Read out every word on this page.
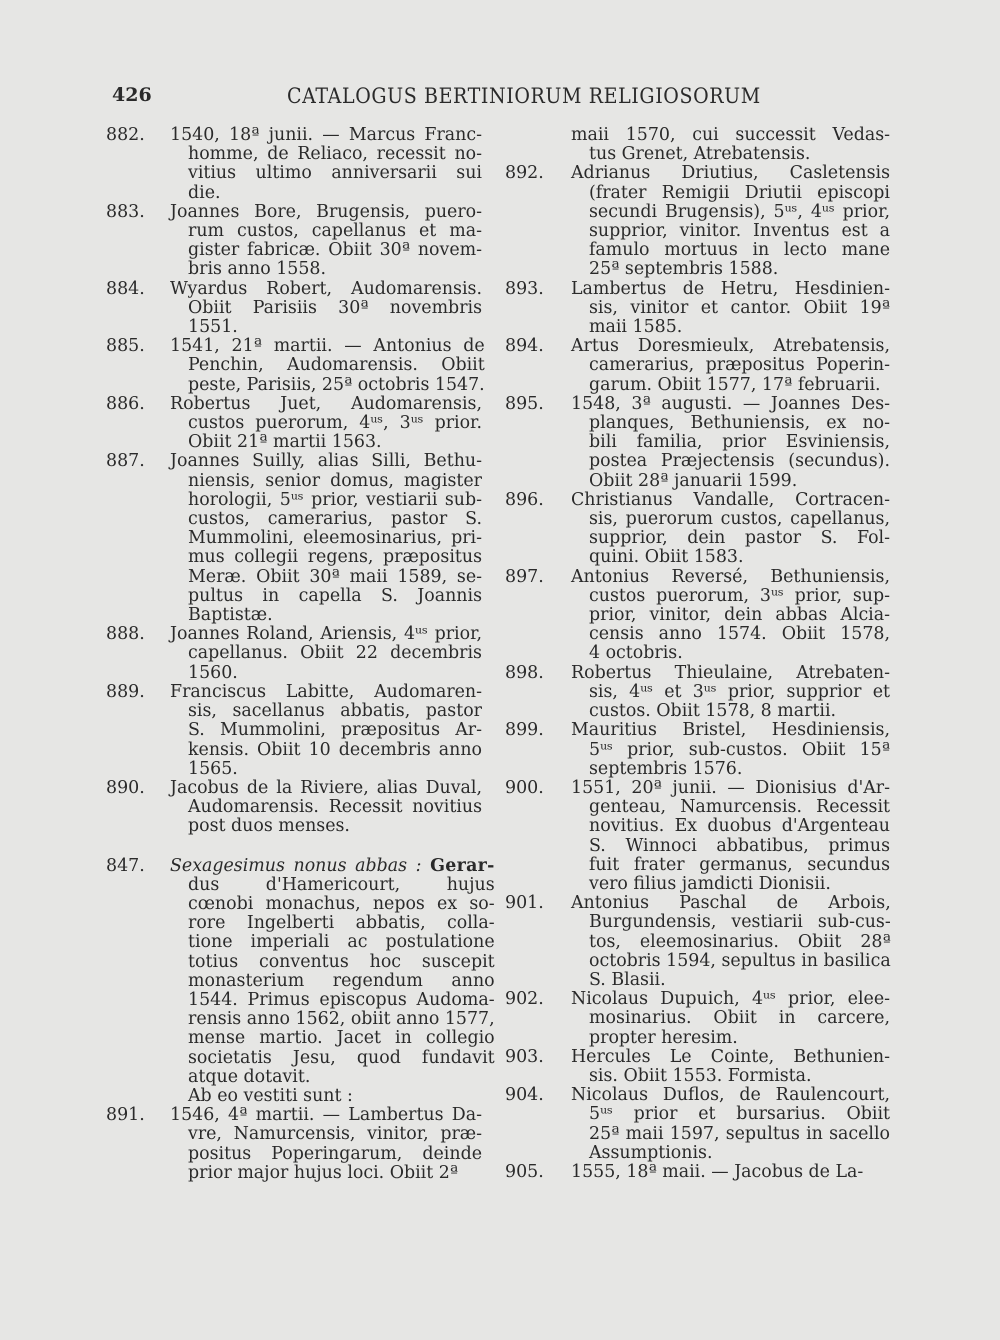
426	CATALOGUS BERTINIORUM RELIGIOSORUM
882.	1540, 18ª junii. — Marcus Franc-
homme, de Reliaco, recessit no-
vitius ultimo anniversarii sui
die.
883.	Joannes Bore, Brugensis, puero-
rum custos, capellanus et ma-
gister fabricæ. Obiit 30ª novem-
bris anno 1558.
884.	Wyardus Robert, Audomarensis.
Obiit Parisiis 30ª novembris
1551.
885.	1541, 21ª martii. — Antonius de
Penchin, Audomarensis. Obiit
peste, Parisiis, 25ª octobris 1547.
886.	Robertus Juet, Audomarensis,
custos puerorum, 4ᵘˢ, 3ᵘˢ prior.
Obiit 21ª martii 1563.
887.	Joannes Suilly, alias Silli, Bethu-
niensis, senior domus, magister
horologii, 5ᵘˢ prior, vestiarii sub-
custos, camerarius, pastor S.
Mummolini, eleemosinarius, pri-
mus collegii regens, præpositus
Meræ. Obiit 30ª maii 1589, se-
pultus in capella S. Joannis
Baptistæ.
888.	Joannes Roland, Ariensis, 4ᵘˢ prior,
capellanus. Obiit 22 decembris
1560.
889.	Franciscus Labitte, Audomaren-
sis, sacellanus abbatis, pastor
S. Mummolini, præpositus Ar-
kensis. Obiit 10 decembris anno
1565.
890.	Jacobus de la Riviere, alias Duval,
Audomarensis. Recessit novitius
post duos menses.
847.	Sexagesimus nonus abbas : Gerar-
dus d'Hamericourt, hujus
cœnobi monachus, nepos ex so-
rore Ingelberti abbatis, colla-
tione imperiali ac postulatione
totius conventus hoc suscepit
monasterium regendum anno
1544. Primus episcopus Audoma-
rensis anno 1562, obiit anno 1577,
mense martio. Jacet in collegio
societatis Jesu, quod fundavit
atque dotavit.
Ab eo vestiti sunt :
891.	1546, 4ª martii. — Lambertus Da-
vre, Namurcensis, vinitor, præ-
positus Poperingarum, deinde
prior major hujus loci. Obiit 2ª
maii 1570, cui successit Vedas-
tus Grenet, Atrebatensis.
892.	Adrianus Driutius, Casletensis
(frater Remigii Driutii episcopi
secundi Brugensis), 5ᵘˢ, 4ᵘˢ prior,
supprior, vinitor. Inventus est a
famulo mortuus in lecto mane
25ª septembris 1588.
893.	Lambertus de Hetru, Hesdinien-
sis, vinitor et cantor. Obiit 19ª
maii 1585.
894.	Artus Doresmieulx, Atrebatensis,
camerarius, præpositus Poperin-
garum. Obiit 1577, 17ª februarii.
895.	1548, 3ª augusti. — Joannes Des-
planques, Bethuniensis, ex no-
bili familia, prior Esviniensis,
postea Præjectensis (secundus).
Obiit 28ª januarii 1599.
896.	Christianus Vandalle, Cortracen-
sis, puerorum custos, capellanus,
supprior, dein pastor S. Fol-
quini. Obiit 1583.
897.	Antonius Reversé, Bethuniensis,
custos puerorum, 3ᵘˢ prior, sup-
prior, vinitor, dein abbas Alcia-
censis anno 1574. Obiit 1578,
4 octobris.
898.	Robertus Thieulaine, Atrebaten-
sis, 4ᵘˢ et 3ᵘˢ prior, supprior et
custos. Obiit 1578, 8 martii.
899.	Mauritius Bristel, Hesdiniensis,
5ᵘˢ prior, sub-custos. Obiit 15ª
septembris 1576.
900.	1551, 20ª junii. — Dionisius d'Ar-
genteau, Namurcensis. Recessit
novitius. Ex duobus d'Argenteau
S. Winnoci abbatibus, primus
fuit frater germanus, secundus
vero filius jamdicti Dionisii.
901.	Antonius Paschal de Arbois,
Burgundensis, vestiarii sub-cus-
tos, eleemosinarius. Obiit 28ª
octobris 1594, sepultus in basilica
S. Blasii.
902.	Nicolaus Dupuich, 4ᵘˢ prior, elee-
mosinarius. Obiit in carcere,
propter heresim.
903.	Hercules Le Cointe, Bethunien-
sis. Obiit 1553. Formista.
904.	Nicolaus Duflos, de Raulencourt,
5ᵘˢ prior et bursarius. Obiit
25ª maii 1597, sepultus in sacello
Assumptionis.
905.	1555, 18ª maii. — Jacobus de La-
